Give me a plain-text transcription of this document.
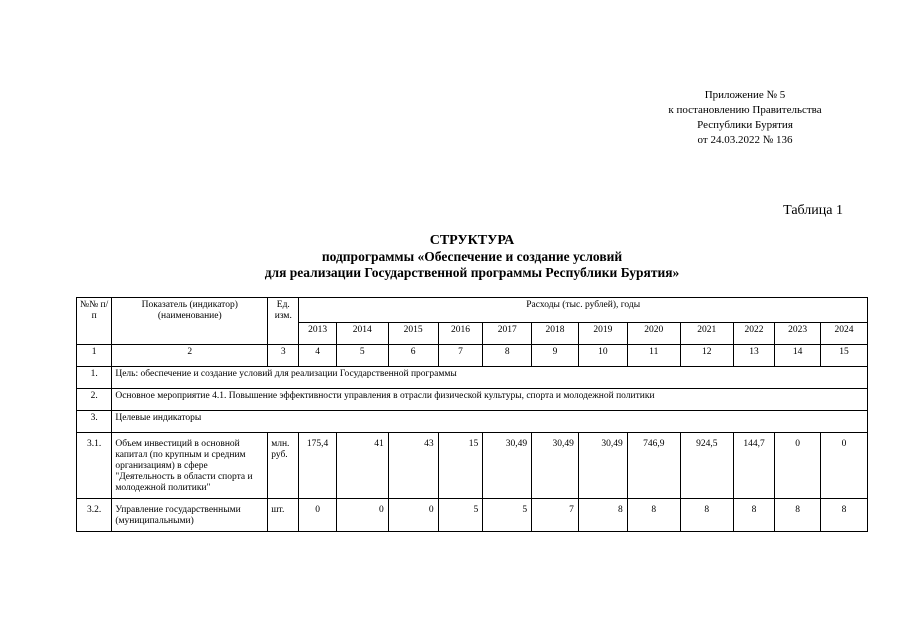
Приложение № 5
к постановлению Правительства
Республики Бурятия
от 24.03.2022 № 136
Таблица 1
СТРУКТУРА
подпрограммы «Обеспечение и создание условий
для реализации Государственной программы Республики Бурятия»
№№ п/п	Показатель (индикатор) (наименование)	Ед. изм.	Расходы (тыс. рублей), годы											
			2013	2014	2015	2016	2017	2018	2019	2020	2021	2022	2023	2024
1	2	3	4	5	6	7	8	9	10	11	12	13	14	15
1.	Цель: обеспечение и создание условий для реализации Государственной программы													
2.	Основное мероприятие 4.1. Повышение эффективности управления в отрасли физической культуры, спорта и молодежной политики													
3.	Целевые индикаторы													
3.1.	Объем инвестиций в основной капитал (по крупным и средним организациям) в сфере "Деятельность в области спорта и молодежной политики"	млн. руб.	175,4	41	43	15	30,49	30,49	30,49	746,9	924,5	144,7	0	0
3.2.	Управление государственными (муниципальными)	шт.	0	0	0	5	5	7	8	8	8	8	8	8
